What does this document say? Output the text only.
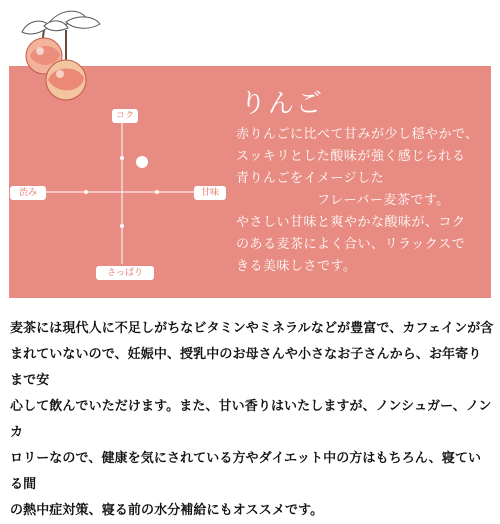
りんご
赤りんごに比べて甘みが少し穏やかで、
スッキリとした酸味が強く感じられる
青りんごをイメージした
　　　　　　フレーバー麦茶です。
やさしい甘味と爽やかな酸味が、コク
のある麦茶によく合い、リラックスで
きる美味しさです。
コク
渋み	甘味
さっぱり
麦茶には現代人に不足しがちなビタミンやミネラルなどが豊富で、カフェインが含
まれていないので、妊娠中、授乳中のお母さんや小さなお子さんから、お年寄りまで安
心して飲んでいただけます。また、甘い香りはいたしますが、ノンシュガー、ノンカ
ロリーなので、健康を気にされている方やダイエット中の方はもちろん、寝ている間
の熱中症対策、寝る前の水分補給にもオススメです。
